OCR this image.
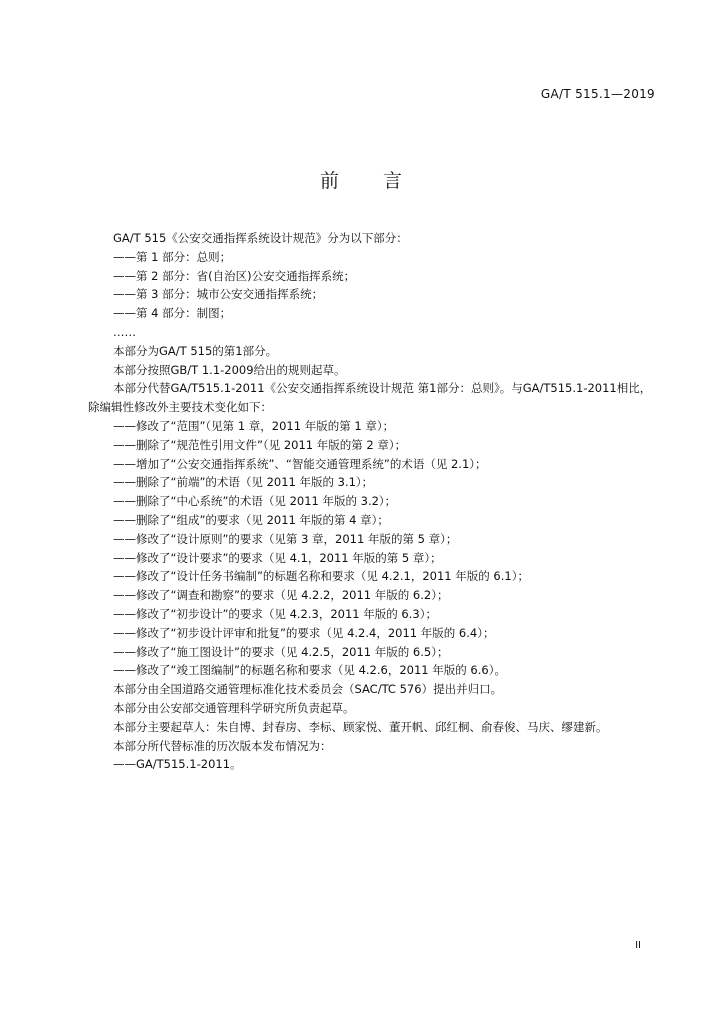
GA/T 515.1—2019
前　　言
GA/T 515《公安交通指挥系统设计规范》分为以下部分：
——第 1 部分：总则；
——第 2 部分：省(自治区)公安交通指挥系统；
——第 3 部分：城市公安交通指挥系统；
——第 4 部分：制图；
……
本部分为GA/T 515的第1部分。
本部分按照GB/T 1.1-2009给出的规则起草。
本部分代替GA/T515.1-2011《公安交通指挥系统设计规范 第1部分：总则》。与GA/T515.1-2011相比，
除编辑性修改外主要技术变化如下：
——修改了“范围”（见第 1 章，2011 年版的第 1 章）；
——删除了“规范性引用文件”（见 2011 年版的第 2 章）；
——增加了“公安交通指挥系统”、“智能交通管理系统”的术语（见 2.1）；
——删除了“前端”的术语（见 2011 年版的 3.1）；
——删除了“中心系统”的术语（见 2011 年版的 3.2）；
——删除了“组成”的要求（见 2011 年版的第 4 章）；
——修改了“设计原则”的要求（见第 3 章，2011 年版的第 5 章）；
——修改了“设计要求”的要求（见 4.1，2011 年版的第 5 章）；
——修改了“设计任务书编制”的标题名称和要求（见 4.2.1，2011 年版的 6.1）；
——修改了“调查和勘察”的要求（见 4.2.2，2011 年版的 6.2）；
——修改了“初步设计”的要求（见 4.2.3，2011 年版的 6.3）；
——修改了“初步设计评审和批复”的要求（见 4.2.4，2011 年版的 6.4）；
——修改了“施工图设计”的要求（见 4.2.5，2011 年版的 6.5）；
——修改了“竣工图编制”的标题名称和要求（见 4.2.6，2011 年版的 6.6）。
本部分由全国道路交通管理标准化技术委员会（SAC/TC 576）提出并归口。
本部分由公安部交通管理科学研究所负责起草。
本部分主要起草人：朱自博、封春房、李标、顾家悦、董开帆、邱红桐、俞春俊、马庆、缪建新。
本部分所代替标准的历次版本发布情况为：
——GA/T515.1-2011。
II
